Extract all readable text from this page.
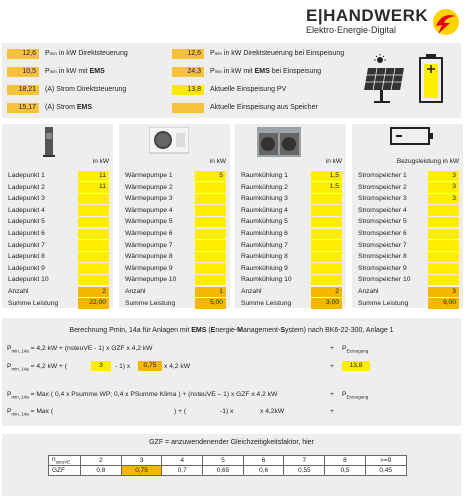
E|HANDWERK
Elektro·Energie·Digital
12,6	Pmin in kW Direktsteuerung
10,5	Pmin in kW mit EMS
18,21	(A) Strom Direktsteuerung
15,17	(A) Strom EMS
12,6	Pmin in kW Direktsteuerung bei Einspeisung
24,3	Pmin in kW mit EMS bei Einspeisung
13,8	Aktuelle Einspeisung PV
Aktuelle Einspeisung aus Speicher
in kW
Ladepunkt 1	11
Ladepunkt 2	11
Ladepunkt 3
Ladepunkt 4
Ladepunkt 5
Ladepunkt 6
Ladepunkt 7
Ladepunkt 8
Ladepunkt 9
Ladepunkt 10
Anzahl	2
Summe Leistung	22,00
in kW
Wärmepumpe 1	5
Wärmepumpe 2
Wärmepumpe 3
Wärmepumpe 4
Wärmepumpe 5
Wärmepumpe 6
Wärmepumpe 7
Wärmepumpe 8
Wärmepumpe 9
Wärmepumpe 10
Anzahl	1
Summe Leistung	5,00
in kW
Raumkühlung 1	1,5
Raumkühlung 2	1,5
Raumkühlung 3
Raumkühlung 4
Raumkühlung 5
Raumkühlung 6
Raumkühlung 7
Raumkühlung 8
Raumkühlung 9
Raumkühlung 10
Anzahl	2
Summe Leistung	3,00
Bezugsleistung in kW
Stromspeicher 1	3
Stromspeicher 2	3
Stromspeicher 3	3
Stromspeicher 4
Stromspeicher 5
Stromspeicher 6
Stromspeicher 7
Stromspeicher 8
Stromspeicher 9
Stromspeicher 10
Anzahl	3
Summe Leistung	9,00
Berechnung Pmin, 14a für Anlagen mit EMS (Energie-Management-System) nach BK6-22-300, Anlage 1
$P_{min, 14a} = 4,2$ kW + (nsteuVE - 1) x GZF x 4,2 kW	+ $P_{Erzeugung}$
$P_{min, 14a} = 4,2$ kW + (	3	- 1) x	0,75	x 4,2 kW	+	13,8
$P_{min, 14a}$ = Max ( 0,4 x Psumme WP; 0,4 x PSumme Klima ) + (nsteuVE – 1) x GZF x 4,2 kW	+ $P_{Erzeugung}$
$P_{min, 14a}$ = Max (	) + (	-1) x	x 4,2kW	+
GZF = anzuwendenender Gleichzeitigkeitsfaktor, hier
$n_{steuVE}$	2	3	4	5	6	7	8	>=9
GZF	0,8	0,75	0,7	0,65	0,6	0,55	0,5	0,45
